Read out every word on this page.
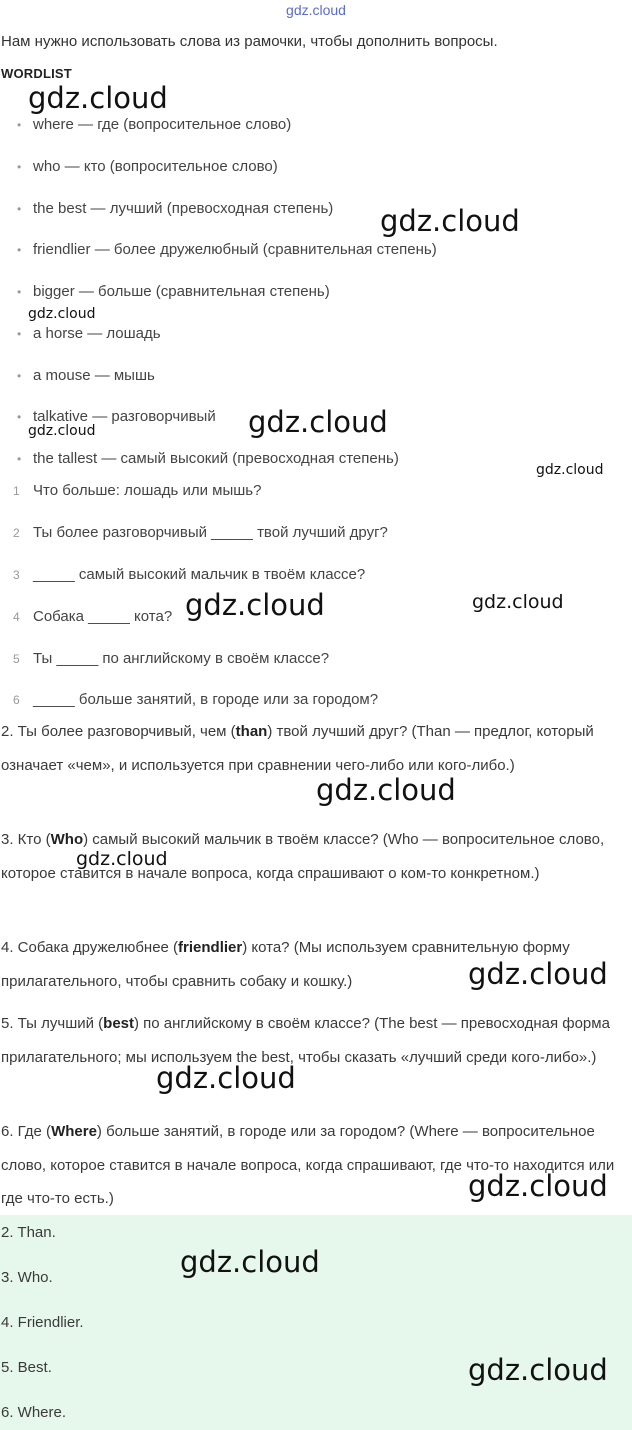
gdz.cloud
Нам нужно использовать слова из рамочки, чтобы дополнить вопросы.
WORDLIST
• where — где (вопросительное слово)
• who — кто (вопросительное слово)
• the best — лучший (превосходная степень)
• friendlier — более дружелюбный (сравнительная степень)
• bigger — больше (сравнительная степень)
• a horse — лошадь
• a mouse — мышь
• talkative — разговорчивый
• the tallest — самый высокий (превосходная степень)
1 Что больше: лошадь или мышь?
2 Ты более разговорчивый _____ твой лучший друг?
3 _____ самый высокий мальчик в твоём классе?
4 Собака _____ кота?
5 Ты _____ по английскому в своём классе?
6 _____ больше занятий, в городе или за городом?
2. Ты более разговорчивый, чем (than) твой лучший друг? (Than — предлог, который означает «чем», и используется при сравнении чего-либо или кого-либо.)
3. Кто (Who) самый высокий мальчик в твоём классе? (Who — вопросительное слово, которое ставится в начале вопроса, когда спрашивают о ком-то конкретном.)
4. Собака дружелюбнее (friendlier) кота? (Мы используем сравнительную форму прилагательного, чтобы сравнить собаку и кошку.)
5. Ты лучший (best) по английскому в своём классе? (The best — превосходная форма прилагательного; мы используем the best, чтобы сказать «лучший среди кого-либо».)
6. Где (Where) больше занятий, в городе или за городом? (Where — вопросительное слово, которое ставится в начале вопроса, когда спрашивают, где что-то находится или где что-то есть.)
2. Than.
3. Who.
4. Friendlier.
5. Best.
6. Where.
gdz.cloud
gdz.cloud
gdz.cloud
gdz.cloud
gdz.cloud
gdz.cloud
gdz.cloud	gdz.cloud
gdz.cloud
gdz.cloud
gdz.cloud
gdz.cloud
gdz.cloud
gdz.cloud
gdz.cloud
